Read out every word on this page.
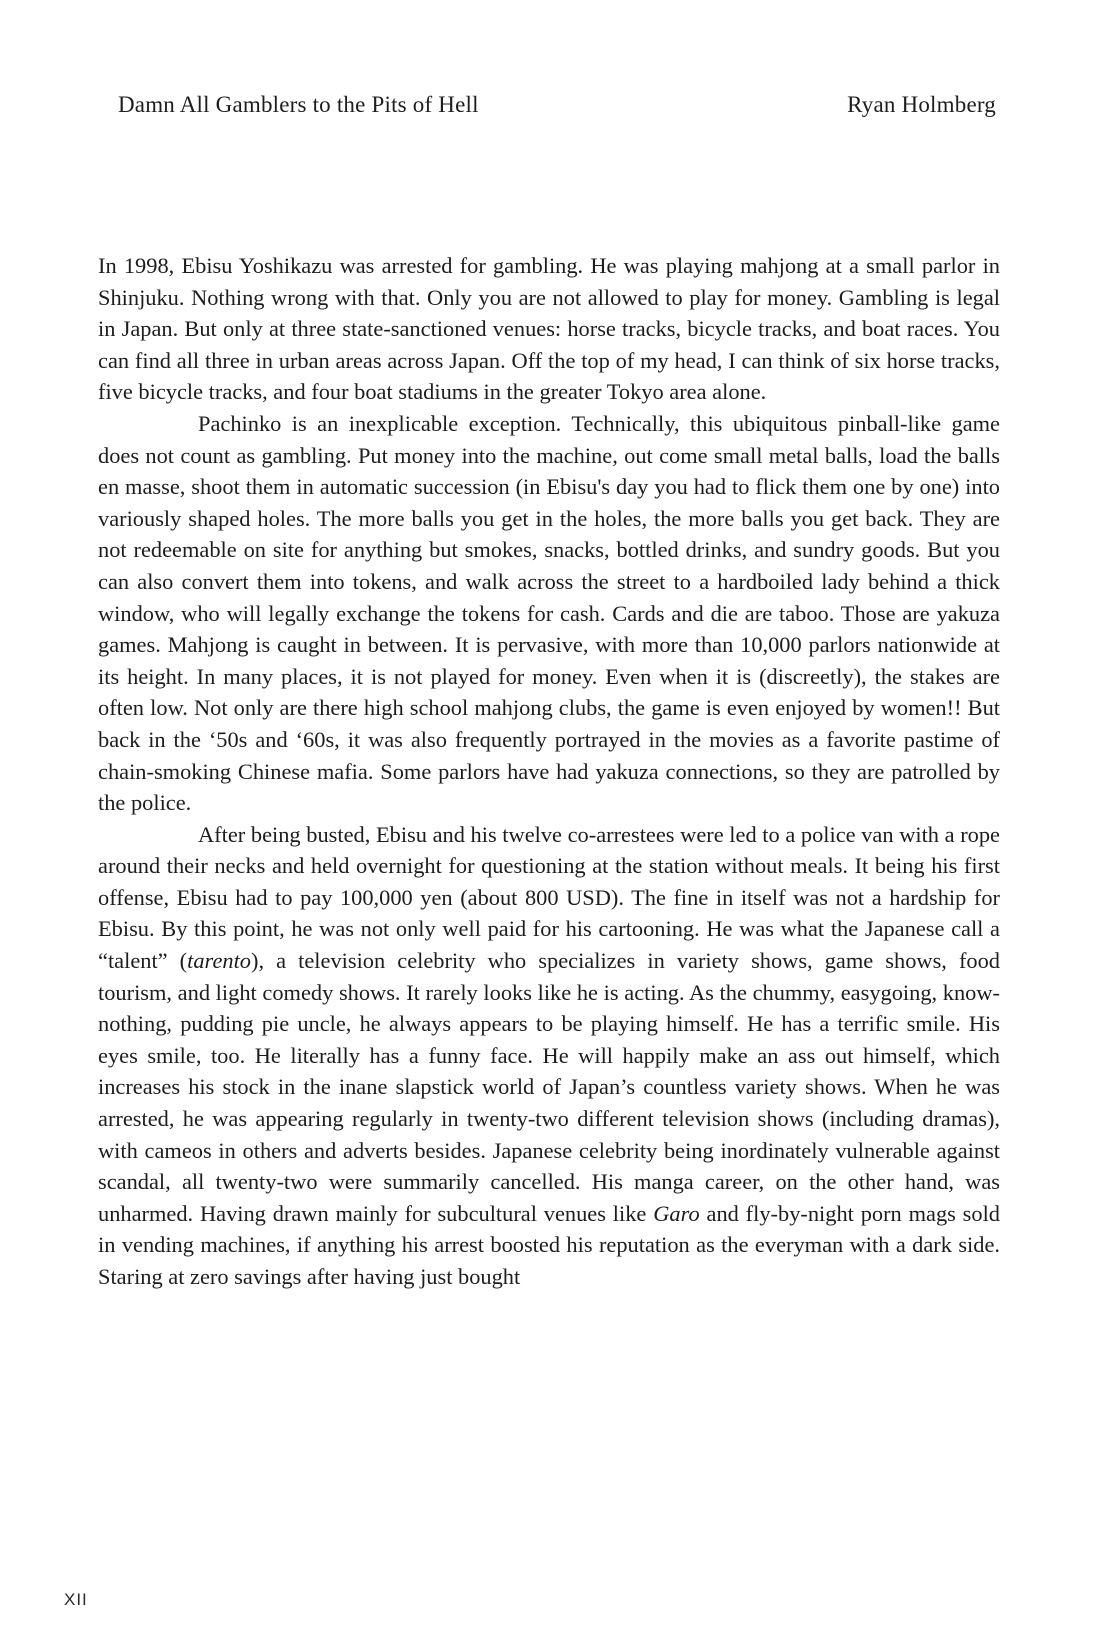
Damn All Gamblers to the Pits of Hell	Ryan Holmberg

In 1998, Ebisu Yoshikazu was arrested for gambling. He was playing mahjong at a small parlor in Shinjuku. Nothing wrong with that. Only you are not allowed to play for money. Gambling is legal in Japan. But only at three state-sanctioned venues: horse tracks, bicycle tracks, and boat races. You can find all three in urban areas across Japan. Off the top of my head, I can think of six horse tracks, five bicycle tracks, and four boat stadiums in the greater Tokyo area alone.

Pachinko is an inexplicable exception. Technically, this ubiquitous pinball-like game does not count as gambling. Put money into the machine, out come small metal balls, load the balls en masse, shoot them in automatic succession (in Ebisu's day you had to flick them one by one) into variously shaped holes. The more balls you get in the holes, the more balls you get back. They are not redeemable on site for anything but smokes, snacks, bottled drinks, and sundry goods. But you can also convert them into tokens, and walk across the street to a hardboiled lady behind a thick window, who will legally exchange the tokens for cash. Cards and die are taboo. Those are yakuza games. Mahjong is caught in between. It is pervasive, with more than 10,000 parlors nationwide at its height. In many places, it is not played for money. Even when it is (discreetly), the stakes are often low. Not only are there high school mahjong clubs, the game is even enjoyed by women!! But back in the ‘50s and ‘60s, it was also frequently portrayed in the movies as a favorite pastime of chain-smoking Chinese mafia. Some parlors have had yakuza connections, so they are patrolled by the police.

After being busted, Ebisu and his twelve co-arrestees were led to a police van with a rope around their necks and held overnight for questioning at the station without meals. It being his first offense, Ebisu had to pay 100,000 yen (about 800 USD). The fine in itself was not a hardship for Ebisu. By this point, he was not only well paid for his cartooning. He was what the Japanese call a “talent” (tarento), a television celebrity who specializes in variety shows, game shows, food tourism, and light comedy shows. It rarely looks like he is acting. As the chummy, easygoing, know-nothing, pudding pie uncle, he always appears to be playing himself. He has a terrific smile. His eyes smile, too. He literally has a funny face. He will happily make an ass out himself, which increases his stock in the inane slapstick world of Japan’s countless variety shows. When he was arrested, he was appearing regularly in twenty-two different television shows (including dramas), with cameos in others and adverts besides. Japanese celebrity being inordinately vulnerable against scandal, all twenty-two were summarily cancelled. His manga career, on the other hand, was unharmed. Having drawn mainly for subcultural venues like Garo and fly-by-night porn mags sold in vending machines, if anything his arrest boosted his reputation as the everyman with a dark side. Staring at zero savings after having just bought

XII
